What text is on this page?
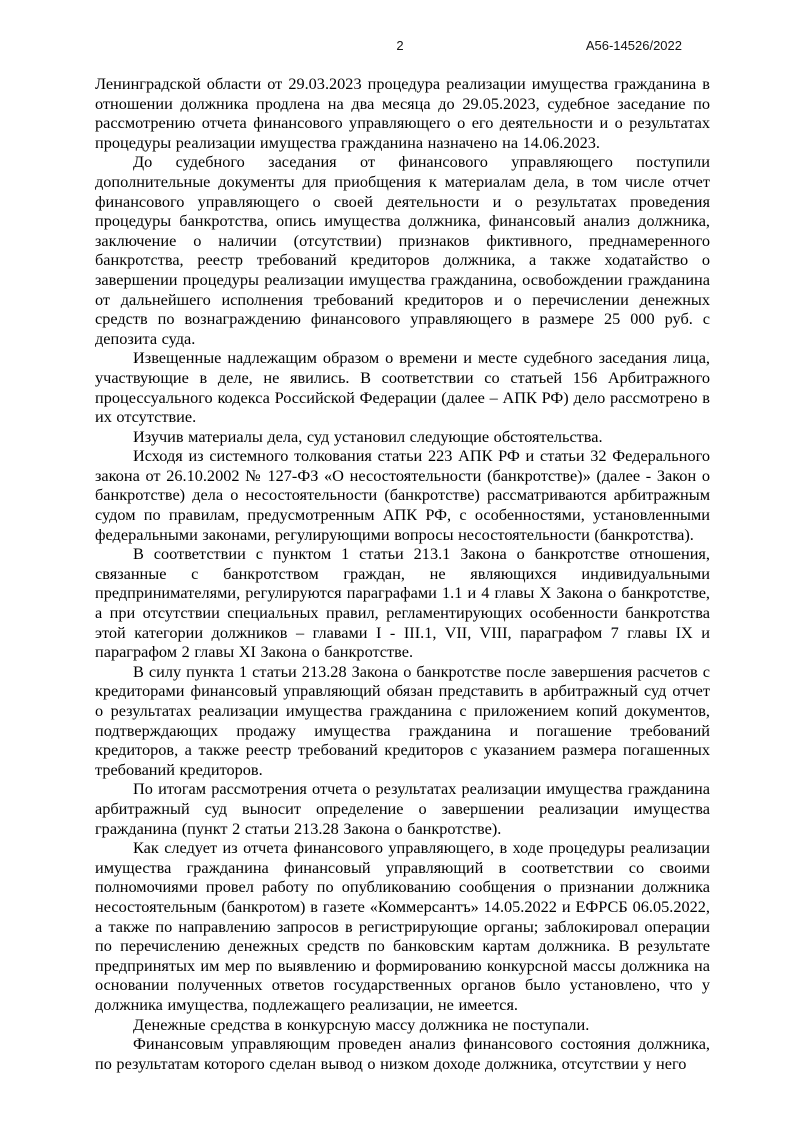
2	А56-14526/2022

Ленинградской области от 29.03.2023 процедура реализации имущества гражданина в отношении должника продлена на два месяца до 29.05.2023, судебное заседание по рассмотрению отчета финансового управляющего о его деятельности и о результатах процедуры реализации имущества гражданина назначено на 14.06.2023.

До судебного заседания от финансового управляющего поступили дополнительные документы для приобщения к материалам дела, в том числе отчет финансового управляющего о своей деятельности и о результатах проведения процедуры банкротства, опись имущества должника, финансовый анализ должника, заключение о наличии (отсутствии) признаков фиктивного, преднамеренного банкротства, реестр требований кредиторов должника, а также ходатайство о завершении процедуры реализации имущества гражданина, освобождении гражданина от дальнейшего исполнения требований кредиторов и о перечислении денежных средств по вознаграждению финансового управляющего в размере 25 000 руб. с депозита суда.

Извещенные надлежащим образом о времени и месте судебного заседания лица, участвующие в деле, не явились. В соответствии со статьей 156 Арбитражного процессуального кодекса Российской Федерации (далее – АПК РФ) дело рассмотрено в их отсутствие.

Изучив материалы дела, суд установил следующие обстоятельства.

Исходя из системного толкования статьи 223 АПК РФ и статьи 32 Федерального закона от 26.10.2002 № 127-ФЗ «О несостоятельности (банкротстве)» (далее - Закон о банкротстве) дела о несостоятельности (банкротстве) рассматриваются арбитражным судом по правилам, предусмотренным АПК РФ, с особенностями, установленными федеральными законами, регулирующими вопросы несостоятельности (банкротства).

В соответствии с пунктом 1 статьи 213.1 Закона о банкротстве отношения, связанные с банкротством граждан, не являющихся индивидуальными предпринимателями, регулируются параграфами 1.1 и 4 главы X Закона о банкротстве, а при отсутствии специальных правил, регламентирующих особенности банкротства этой категории должников – главами I - III.1, VII, VIII, параграфом 7 главы IX и параграфом 2 главы XI Закона о банкротстве.

В силу пункта 1 статьи 213.28 Закона о банкротстве после завершения расчетов с кредиторами финансовый управляющий обязан представить в арбитражный суд отчет о результатах реализации имущества гражданина с приложением копий документов, подтверждающих продажу имущества гражданина и погашение требований кредиторов, а также реестр требований кредиторов с указанием размера погашенных требований кредиторов.

По итогам рассмотрения отчета о результатах реализации имущества гражданина арбитражный суд выносит определение о завершении реализации имущества гражданина (пункт 2 статьи 213.28 Закона о банкротстве).

Как следует из отчета финансового управляющего, в ходе процедуры реализации имущества гражданина финансовый управляющий в соответствии со своими полномочиями провел работу по опубликованию сообщения о признании должника несостоятельным (банкротом) в газете «Коммерсантъ» 14.05.2022 и ЕФРСБ 06.05.2022, а также по направлению запросов в регистрирующие органы; заблокировал операции по перечислению денежных средств по банковским картам должника. В результате предпринятых им мер по выявлению и формированию конкурсной массы должника на основании полученных ответов государственных органов было установлено, что у должника имущества, подлежащего реализации, не имеется.

Денежные средства в конкурсную массу должника не поступали.

Финансовым управляющим проведен анализ финансового состояния должника, по результатам которого сделан вывод о низком доходе должника, отсутствии у него
